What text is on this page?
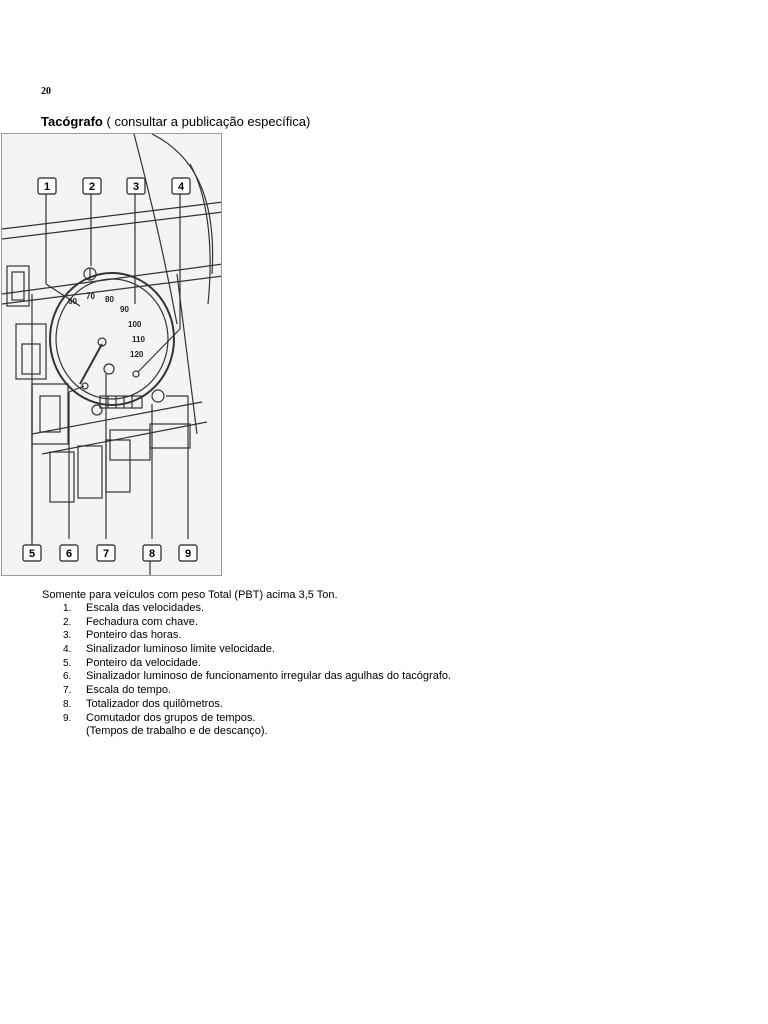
20
Tacógrafo ( consultar a publicação específica)
60
70 80
90
100
110
120
1	2	3	4
5	6	7	8	9
Somente para veículos com peso Total (PBT) acima 3,5 Ton.
1.	Escala das velocidades.
2.	Fechadura com chave.
3.	Ponteiro das horas.
4.	Sinalizador luminoso limite velocidade.
5.	Ponteiro da velocidade.
6.	Sinalizador luminoso de funcionamento irregular das agulhas do tacógrafo.
7.	Escala do tempo.
8.	Totalizador dos quilômetros.
9.	Comutador dos grupos de tempos.
(Tempos de trabalho e de descanço).
